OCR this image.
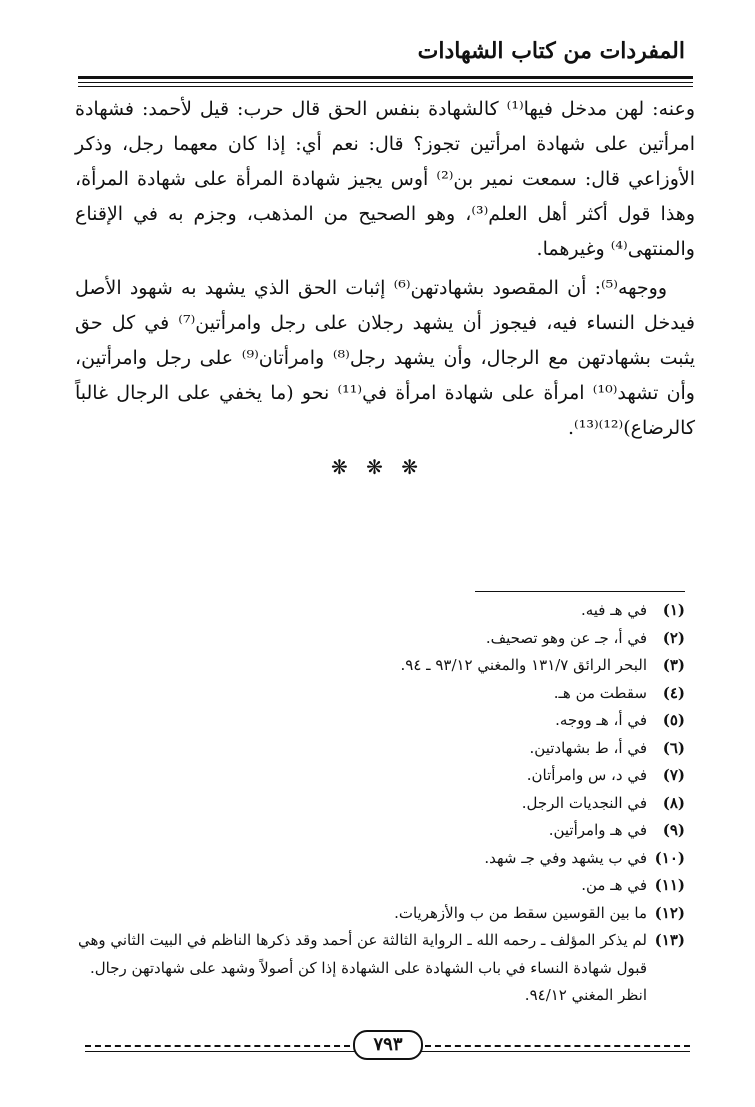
المفردات من كتاب الشهادات

وعنه: لهن مدخل فيها⁽¹⁾ كالشهادة بنفس الحق قال حرب: قيل لأحمد: فشهادة امرأتين على شهادة امرأتين تجوز؟ قال: نعم أي: إذا كان معهما رجل، وذكر الأوزاعي قال: سمعت نمير بن⁽²⁾ أوس يجيز شهادة المرأة على شهادة المرأة، وهذا قول أكثر أهل العلم⁽³⁾، وهو الصحيح من المذهب، وجزم به في الإقناع والمنتهى⁽⁴⁾ وغيرهما.

ووجهه⁽⁵⁾: أن المقصود بشهادتهن⁽⁶⁾ إثبات الحق الذي يشهد به شهود الأصل فيدخل النساء فيه، فيجوز أن يشهد رجلان على رجل وامرأتين⁽⁷⁾ في كل حق يثبت بشهادتهن مع الرجال، وأن يشهد رجل⁽⁸⁾ وامرأتان⁽⁹⁾ على رجل وامرأتين، وأن تشهد⁽¹⁰⁾ امرأة على شهادة امرأة في⁽¹¹⁾ نحو (ما يخفي على الرجال غالباً كالرضاع)⁽¹²⁾⁽¹³⁾.

❋ ❋ ❋
(١)
في هـ فيه.
(٢)
في أ، جـ عن وهو تصحيف.
(٣)
البحر الرائق ١٣١/٧ والمغني ٩٣/١٢ ـ ٩٤.
(٤)
سقطت من هـ.
(٥)
في أ، هـ ووجه.
(٦)
في أ، ط بشهادتين.
(٧)
في د، س وامرأتان.
(٨)
في النجديات الرجل.
(٩)
في هـ وامرأتين.
(١٠)
في ب يشهد وفي جـ شهد.
(١١)
في هـ من.
(١٢)
ما بين القوسين سقط من ب والأزهريات.
(١٣)
لم يذكر المؤلف ـ رحمه الله ـ الرواية الثالثة عن أحمد وقد ذكرها الناظم في البيت الثاني وهي قبول شهادة النساء في باب الشهادة على الشهادة إذا كن أصولاً وشهد على شهادتهن رجال. انظر المغني ٩٤/١٢.
٧٩٣
